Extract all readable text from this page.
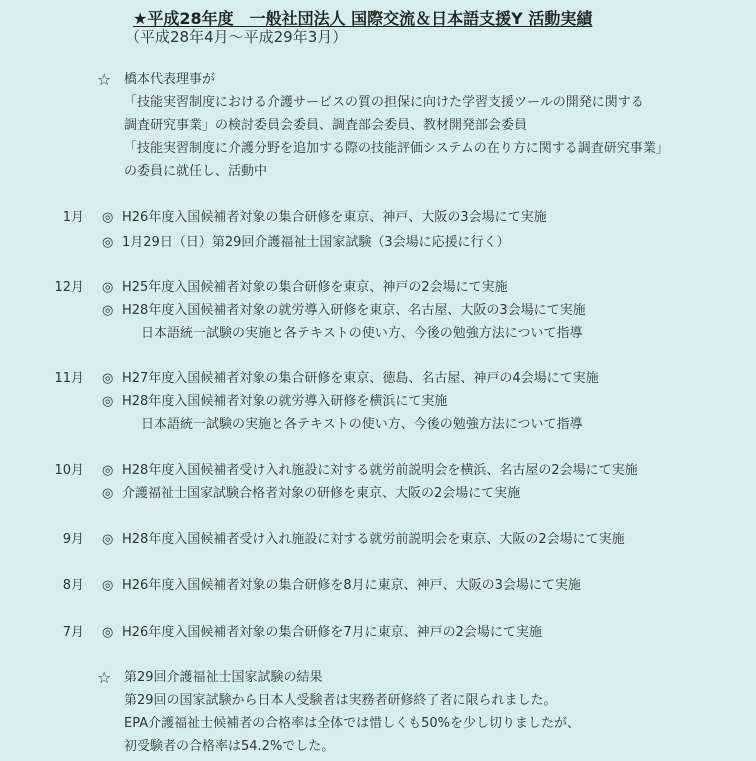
★平成28年度　一般社団法人 国際交流＆日本語支援Y 活動実績
（平成28年4月～平成29年3月）
☆ 橋本代表理事が
「技能実習制度における介護サービスの質の担保に向けた学習支援ツールの開発に関する
調査研究事業」の検討委員会委員、調査部会委員、教材開発部会委員
「技能実習制度に介護分野を追加する際の技能評価システムの在り方に関する調査研究事業」
の委員に就任し、活動中
1月 ◎ H26年度入国候補者対象の集合研修を東京、神戸、大阪の3会場にて実施
◎ 1月29日（日）第29回介護福祉士国家試験（3会場に応援に行く）
12月 ◎ H25年度入国候補者対象の集合研修を東京、神戸の2会場にて実施
◎ H28年度入国候補者対象の就労導入研修を東京、名古屋、大阪の3会場にて実施
日本語統一試験の実施と各テキストの使い方、今後の勉強方法について指導
11月 ◎ H27年度入国候補者対象の集合研修を東京、徳島、名古屋、神戸の4会場にて実施
◎ H28年度入国候補者対象の就労導入研修を横浜にて実施
日本語統一試験の実施と各テキストの使い方、今後の勉強方法について指導
10月 ◎ H28年度入国候補者受け入れ施設に対する就労前説明会を横浜、名古屋の2会場にて実施
◎ 介護福祉士国家試験合格者対象の研修を東京、大阪の2会場にて実施
9月 ◎ H28年度入国候補者受け入れ施設に対する就労前説明会を東京、大阪の2会場にて実施
8月 ◎ H26年度入国候補者対象の集合研修を8月に東京、神戸、大阪の3会場にて実施
7月 ◎ H26年度入国候補者対象の集合研修を7月に東京、神戸の2会場にて実施
☆ 第29回介護福祉士国家試験の結果
第29回の国家試験から日本人受験者は実務者研修終了者に限られました。
EPA介護福祉士候補者の合格率は全体では惜しくも50%を少し切りましたが、
初受験者の合格率は54.2%でした。
